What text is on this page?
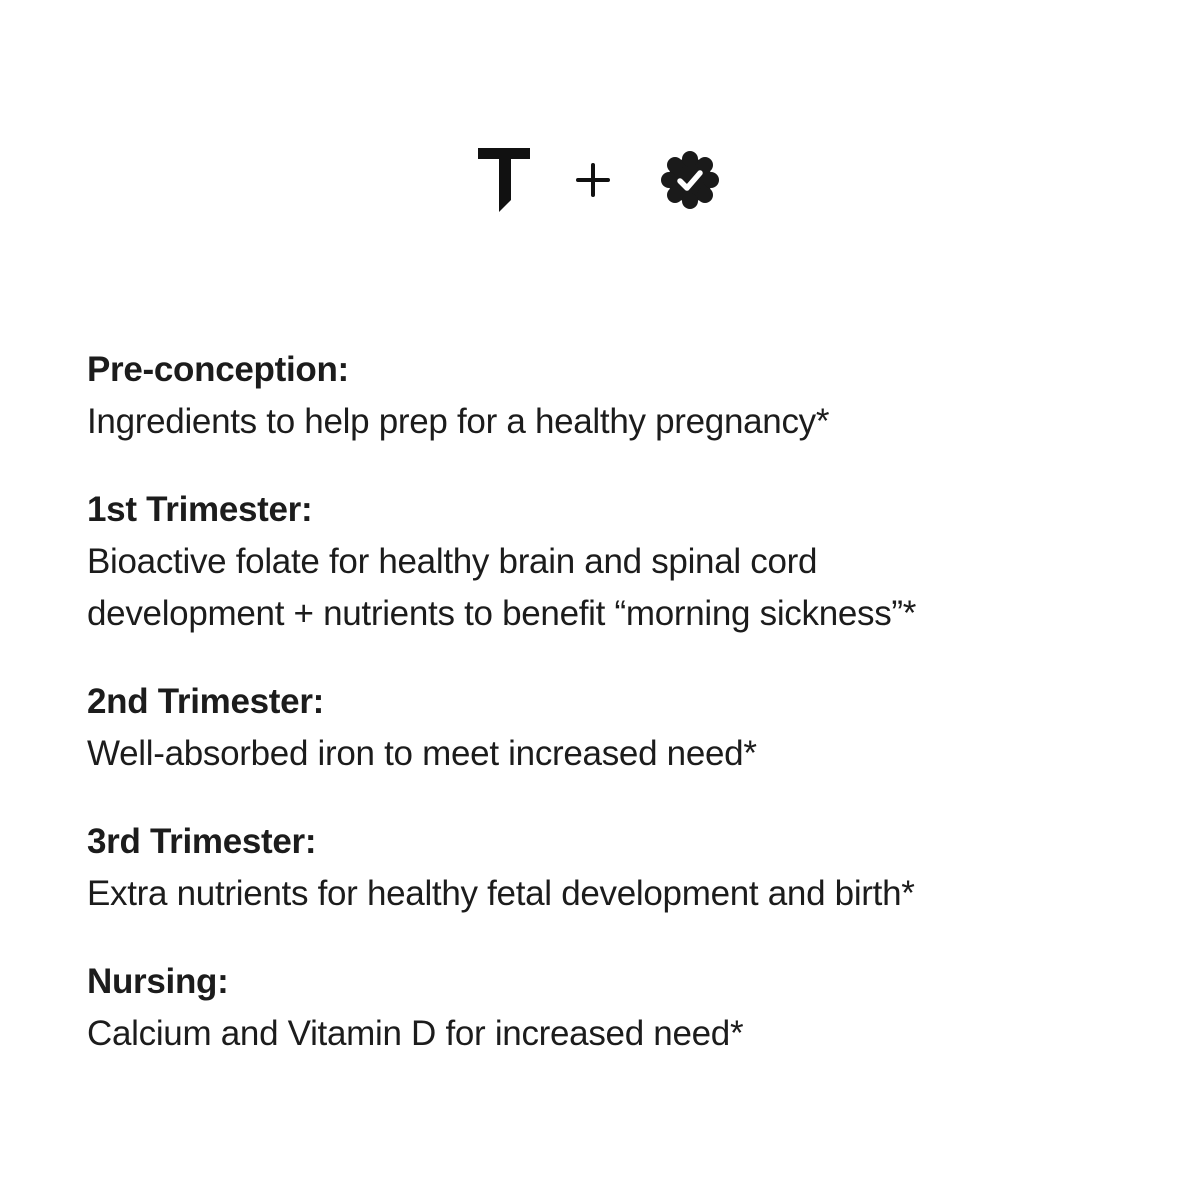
Pre-conception:
Ingredients to help prep for a healthy pregnancy*
1st Trimester:
Bioactive folate for healthy brain and spinal cord
development + nutrients to benefit “morning sickness”*
2nd Trimester:
Well-absorbed iron to meet increased need*
3rd Trimester:
Extra nutrients for healthy fetal development and birth*
Nursing:
Calcium and Vitamin D for increased need*
